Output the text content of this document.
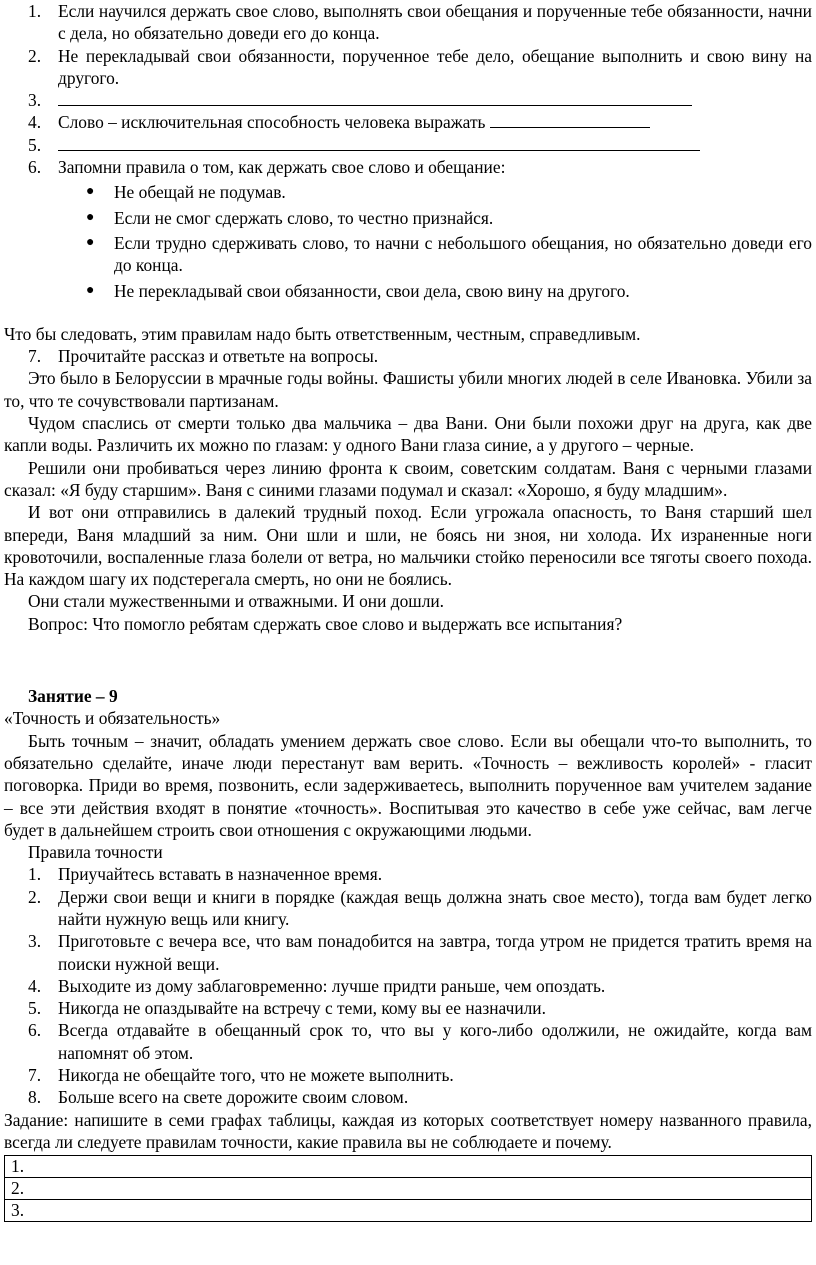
1. Если научился держать свое слово, выполнять свои обещания и порученные тебе обязанности, начни с дела, но обязательно доведи его до конца.
2. Не перекладывай свои обязанности, порученное тебе дело, обещание выполнить и свою вину на другого.
3.
4. Слово – исключительная способность человека выражать
5.
6. Запомни правила о том, как держать свое слово и обещание:
● Не обещай не подумав.
● Если не смог сдержать слово, то честно признайся.
● Если трудно сдерживать слово, то начни с небольшого обещания, но обязательно доведи его до конца.
● Не перекладывай свои обязанности, свои дела, свою вину на другого.

Что бы следовать, этим правилам надо быть ответственным, честным, справедливым.

7. Прочитайте рассказ и ответьте на вопросы.

Это было в Белоруссии в мрачные годы войны. Фашисты убили многих людей в селе Ивановка. Убили за то, что те сочувствовали партизанам.

Чудом спаслись от смерти только два мальчика – два Вани. Они были похожи друг на друга, как две капли воды. Различить их можно по глазам: у одного Вани глаза синие, а у другого – черные.

Решили они пробиваться через линию фронта к своим, советским солдатам. Ваня с черными глазами сказал: «Я буду старшим». Ваня с синими глазами подумал и сказал: «Хорошо, я буду младшим».

И вот они отправились в далекий трудный поход. Если угрожала опасность, то Ваня старший шел впереди, Ваня младший за ним. Они шли и шли, не боясь ни зноя, ни холода. Их израненные ноги кровоточили, воспаленные глаза болели от ветра, но мальчики стойко переносили все тяготы своего похода. На каждом шагу их подстерегала смерть, но они не боялись.

Они стали мужественными и отважными. И они дошли.

Вопрос: Что помогло ребятам сдержать свое слово и выдержать все испытания?

Занятие – 9

«Точность и обязательность»

Быть точным – значит, обладать умением держать свое слово. Если вы обещали что-то выполнить, то обязательно сделайте, иначе люди перестанут вам верить. «Точность – вежливость королей» - гласит поговорка. Приди во время, позвонить, если задерживаетесь, выполнить порученное вам учителем задание – все эти действия входят в понятие «точность». Воспитывая это качество в себе уже сейчас, вам легче будет в дальнейшем строить свои отношения с окружающими людьми.

Правила точности

1. Приучайтесь вставать в назначенное время.
2. Держи свои вещи и книги в порядке (каждая вещь должна знать свое место), тогда вам будет легко найти нужную вещь или книгу.
3. Приготовьте с вечера все, что вам понадобится на завтра, тогда утром не придется тратить время на поиски нужной вещи.
4. Выходите из дому заблаговременно: лучше придти раньше, чем опоздать.
5. Никогда не опаздывайте на встречу с теми, кому вы ее назначили.
6. Всегда отдавайте в обещанный срок то, что вы у кого-либо одолжили, не ожидайте, когда вам напомнят об этом.
7. Никогда не обещайте того, что не можете выполнить.
8. Больше всего на свете дорожите своим словом.

Задание: напишите в семи графах таблицы, каждая из которых соответствует номеру названного правила, всегда ли следуете правилам точности, какие правила вы не соблюдаете и почему.

1.
2.
3.
